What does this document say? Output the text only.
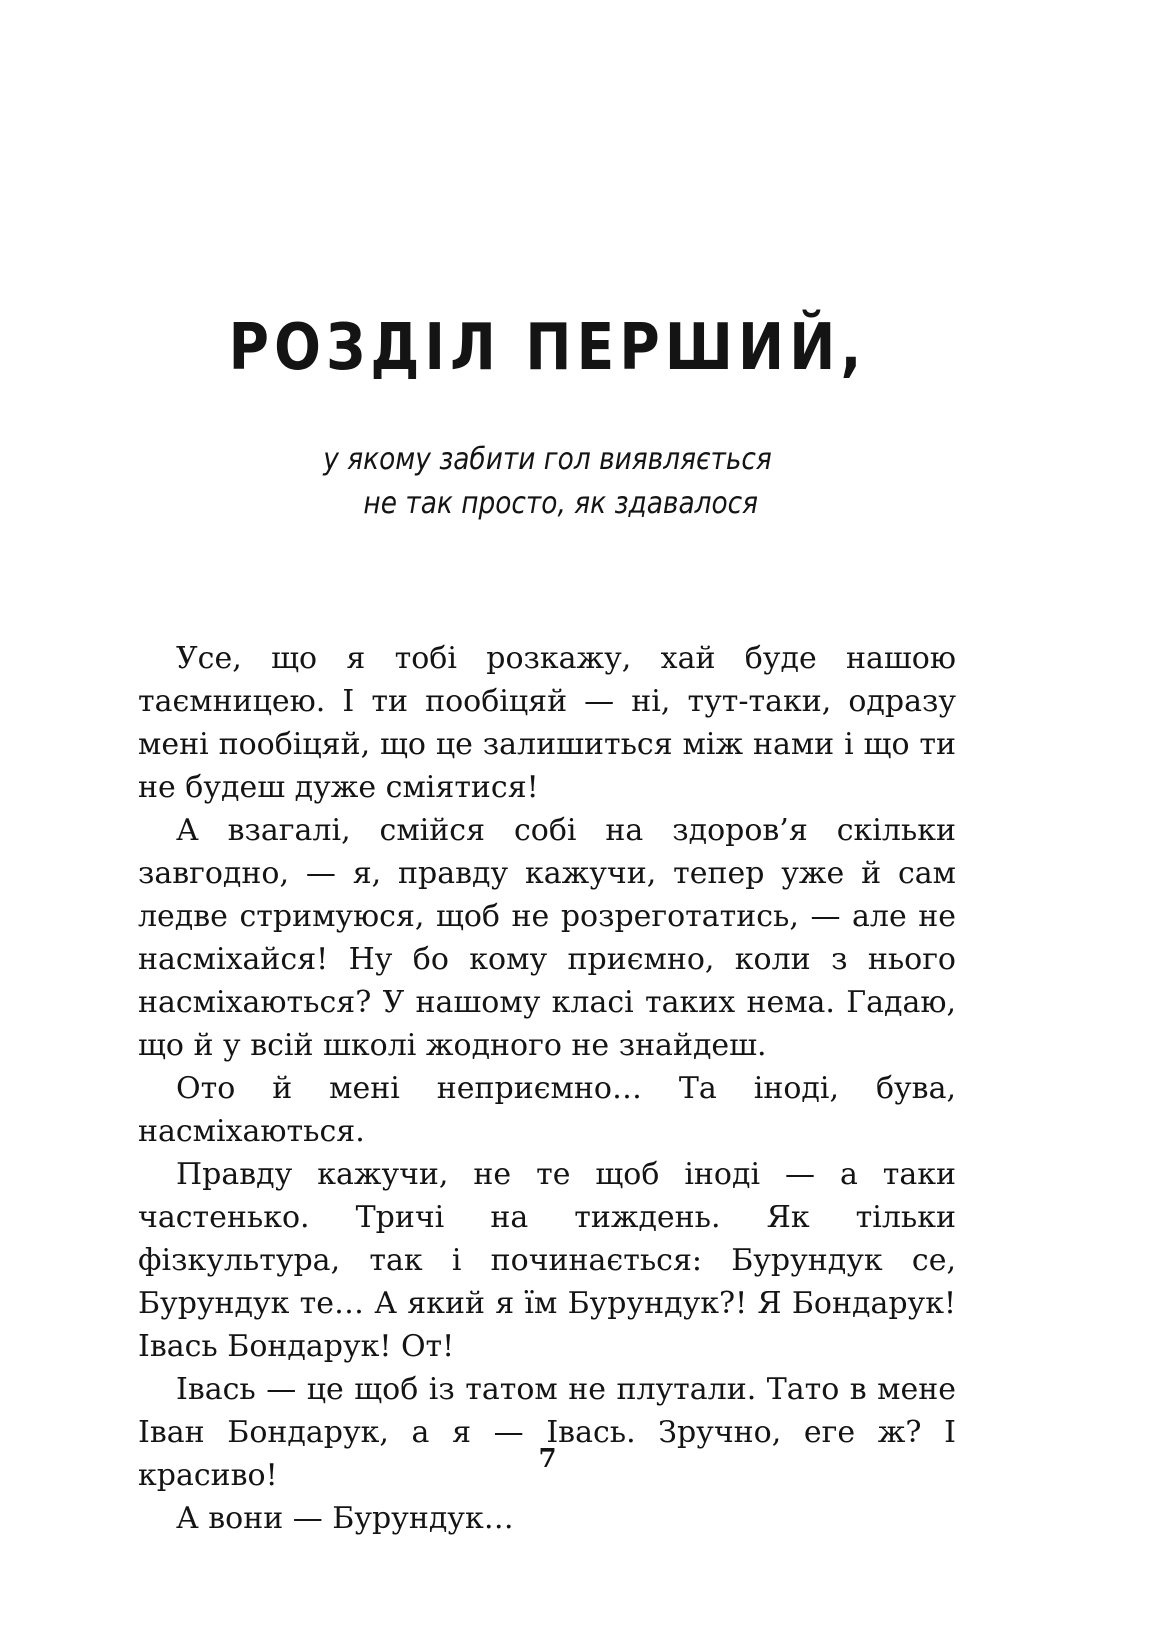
РОЗДІЛ ПЕРШИЙ,
у якому забити гол виявляється
не так просто, як здавалося

Усе, що я тобі розкажу, хай буде нашою таємницею. І ти пообіцяй — ні, тут-таки, одразу мені пообіцяй, що це залишиться між нами і що ти не будеш дуже сміятися!

А взагалі, смійся собі на здоров’я скільки завгодно, — я, правду кажучи, тепер уже й сам ледве стримуюся, щоб не розреготатись, — але не насміхайся! Ну бо кому приємно, коли з нього насміхаються? У нашому класі таких нема. Гадаю, що й у всій школі жодного не знайдеш.

Ото й мені неприємно… Та іноді, бува, насміхаються.

Правду кажучи, не те щоб іноді — а таки частенько. Тричі на тиждень. Як тільки фізкультура, так і починається: Бурундук се, Бурундук те… А який я їм Бурундук?! Я Бондарук! Івась Бондарук! От!

Івась — це щоб із татом не плутали. Тато в мене Іван Бондарук, а я — Івась. Зручно, еге ж? І красиво!

А вони — Бурундук…

7
